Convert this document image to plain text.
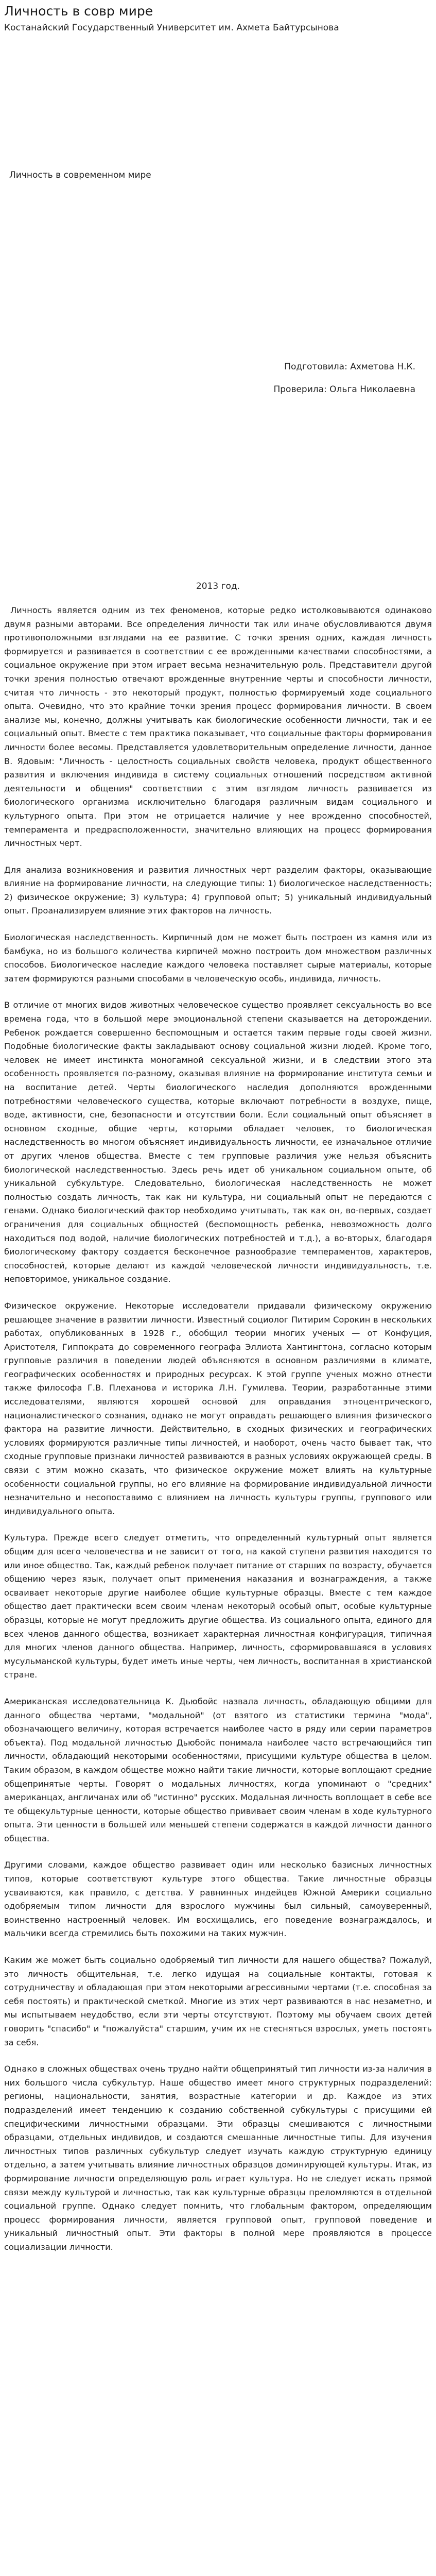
Личность в совр мире

Костанайский Государственный Университет им. Ахмета Байтурсынова

Личность в современном мире

Подготовила: Ахметова Н.К.

Проверила: Ольга Николаевна

2013 год.

Личность является одним из тех феноменов, которые редко истолковываются одинаково двумя разными авторами. Все определения личности так или иначе обусловливаются двумя противоположными взглядами на ее развитие. С точки зрения одних, каждая личность формируется и развивается в соответствии с ее врожденными качествами способностями, а социальное окружение при этом играет весьма незначительную роль. Представители другой точки зрения полностью отвечают врожденные внутренние черты и способности личности, считая что личность - это некоторый продукт, полностью формируемый ходе социального опыта. Очевидно, что это крайние точки зрения процесс формирования личности. В своем анализе мы, конечно, должны учитывать как биологические особенности личности, так и ее социальный опыт. Вместе с тем практика показывает, что социальные факторы формирования личности более весомы. Представляется удовлетворительным определение личности, данное В. Ядовым: "Личность - целостность социальных свойств человека, продукт общественного развития и включения индивида в систему социальных отношений посредством активной деятельности и общения" соответствии с этим взглядом личность развивается из биологического организма исключительно благодаря различным видам социального и культурного опыта. При этом не отрицается наличие у нее врожденно способностей, темперамента и предрасположенности, значительно влияющих на процесс формирования личностных черт.

Для анализа возникновения и развития личностных черт разделим факторы, оказывающие влияние на формирование личности, на следующие типы: 1) биологическое наследственность; 2) физическое окружение; 3) культура; 4) групповой опыт; 5) уникальный индивидуальный опыт. Проанализируем влияние этих факторов на личность.

Биологическая наследственность. Кирпичный дом не может быть построен из камня или из бамбука, но из большого количества кирпичей можно построить дом множеством различных способов. Биологическое наследие каждого человека поставляет сырые материалы, которые затем формируются разными способами в человеческую особь, индивида, личность.

В отличие от многих видов животных человеческое существо проявляет сексуальность во все времена года, что в большой мере эмоциональной степени сказывается на деторождении. Ребенок рождается совершенно беспомощным и остается таким первые годы своей жизни. Подобные биологические факты закладывают основу социальной жизни людей. Кроме того, человек не имеет инстинкта моногамной сексуальной жизни, и в следствии этого эта особенность проявляется по-разному, оказывая влияние на формирование института семьи и на воспитание детей. Черты биологического наследия дополняются врожденными потребностями человеческого существа, которые включают потребности в воздухе, пище, воде, активности, сне, безопасности и отсутствии боли. Если социальный опыт объясняет в основном сходные, общие черты, которыми обладает человек, то биологическая наследственность во многом объясняет индивидуальность личности, ее изначальное отличие от других членов общества. Вместе с тем групповые различия уже нельзя объяснить биологической наследственностью. Здесь речь идет об уникальном социальном опыте, об уникальной субкультуре. Следовательно, биологическая наследственность не может полностью создать личность, так как ни культура, ни социальный опыт не передаются с генами. Однако биологический фактор необходимо учитывать, так как он, во-первых, создает ограничения для социальных общностей (беспомощность ребенка, невозможность долго находиться под водой, наличие биологических потребностей и т.д.), а во-вторых, благодаря биологическому фактору создается бесконечное разнообразие темпераментов, характеров, способностей, которые делают из каждой человеческой личности индивидуальность, т.е. неповторимое, уникальное создание.

Физическое окружение. Некоторые исследователи придавали физическому окружению решающее значение в развитии личности. Известный социолог Питирим Сорокин в нескольких работах, опубликованных в 1928 г., обобщил теории многих ученых — от Конфуция, Аристотеля, Гиппократа до современного географа Эллиота Хантингтона, согласно которым групповые различия в поведении людей объясняются в основном различиями в климате, географических особенностях и природных ресурсах. К этой группе ученых можно отнести также философа Г.В. Плеханова и историка Л.Н. Гумилева. Теории, разработанные этими исследователями, являются хорошей основой для оправдания этноцентрического, националистического сознания, однако не могут оправдать решающего влияния физического фактора на развитие личности. Действительно, в сходных физических и географических условиях формируются различные типы личностей, и наоборот, очень часто бывает так, что сходные групповые признаки личностей развиваются в разных условиях окружающей среды. В связи с этим можно сказать, что физическое окружение может влиять на культурные особенности социальной группы, но его влияние на формирование индивидуальной личности незначительно и несопоставимо с влиянием на личность культуры группы, группового или индивидуального опыта.

Культура. Прежде всего следует отметить, что определенный культурный опыт является общим для всего человечества и не зависит от того, на какой ступени развития находится то или иное общество. Так, каждый ребенок получает питание от старших по возрасту, обучается общению через язык, получает опыт применения наказания и вознаграждения, а также осваивает некоторые другие наиболее общие культурные образцы. Вместе с тем каждое общество дает практически всем своим членам некоторый особый опыт, особые культурные образцы, которые не могут предложить другие общества. Из социального опыта, единого для всех членов данного общества, возникает характерная личностная конфигурация, типичная для многих членов данного общества. Например, личность, сформировавшаяся в условиях мусульманской культуры, будет иметь иные черты, чем личность, воспитанная в христианской стране.

Американская исследовательница К. Дьюбойс назвала личность, обладающую общими для данного общества чертами, "модальной" (от взятого из статистики термина "мода", обозначающего величину, которая встречается наиболее часто в ряду или серии параметров объекта). Под модальной личностью Дьюбойс понимала наиболее часто встречающийся тип личности, обладающий некоторыми особенностями, присущими культуре общества в целом. Таким образом, в каждом обществе можно найти такие личности, которые воплощают средние общепринятые черты. Говорят о модальных личностях, когда упоминают о "средних" американцах, англичанах или об "истинно" русских. Модальная личность воплощает в себе все те общекультурные ценности, которые общество прививает своим членам в ходе культурного опыта. Эти ценности в большей или меньшей степени содержатся в каждой личности данного общества.

Другими словами, каждое общество развивает один или несколько базисных личностных типов, которые соответствуют культуре этого общества. Такие личностные образцы усваиваются, как правило, с детства. У равнинных индейцев Южной Америки социально одобряемым типом личности для взрослого мужчины был сильный, самоуверенный, воинственно настроенный человек. Им восхищались, его поведение вознаграждалось, и мальчики всегда стремились быть похожими на таких мужчин.

Каким же может быть социально одобряемый тип личности для нашего общества? Пожалуй, это личность общительная, т.е. легко идущая на социальные контакты, готовая к сотрудничеству и обладающая при этом некоторыми агрессивными чертами (т.е. способная за себя постоять) и практической сметкой. Многие из этих черт развиваются в нас незаметно, и мы испытываем неудобство, если эти черты отсутствуют. Поэтому мы обучаем своих детей говорить "спасибо" и "пожалуйста" старшим, учим их не стесняться взрослых, уметь постоять за себя.

Однако в сложных обществах очень трудно найти общепринятый тип личности из-за наличия в них большого числа субкультур. Наше общество имеет много структурных подразделений: регионы, национальности, занятия, возрастные категории и др. Каждое из этих подразделений имеет тенденцию к созданию собственной субкультуры с присущими ей специфическими личностными образцами. Эти образцы смешиваются с личностными образцами, отдельных индивидов, и создаются смешанные личностные типы. Для изучения личностных типов различных субкультур следует изучать каждую структурную единицу отдельно, а затем учитывать влияние личностных образцов доминирующей культуры. Итак, из формирование личности определяющую роль играет культура. Но не следует искать прямой связи между культурой и личностью, так как культурные образцы преломляются в отдельной социальной группе. Однако следует помнить, что глобальным фактором, определяющим процесс формирования личности, является групповой опыт, групповой поведение и уникальный личностный опыт. Эти факторы в полной мере проявляются в процессе социализации личности.
